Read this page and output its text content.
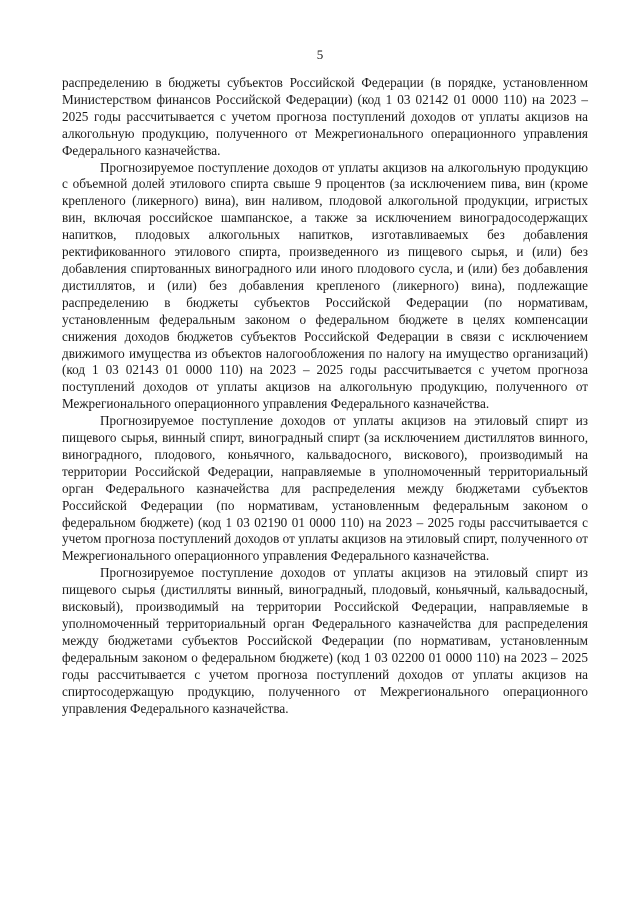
5

распределению в бюджеты субъектов Российской Федерации (в порядке, установленном Министерством финансов Российской Федерации) (код 1 03 02142 01 0000 110) на 2023 – 2025 годы рассчитывается с учетом прогноза поступлений доходов от уплаты акцизов на алкогольную продукцию, полученного от Межрегионального операционного управления Федерального казначейства.

Прогнозируемое поступление доходов от уплаты акцизов на алкогольную продукцию с объемной долей этилового спирта свыше 9 процентов (за исключением пива, вин (кроме крепленого (ликерного) вина), вин наливом, плодовой алкогольной продукции, игристых вин, включая российское шампанское, а также за исключением виноградосодержащих напитков, плодовых алкогольных напитков, изготавливаемых без добавления ректификованного этилового спирта, произведенного из пищевого сырья, и (или) без добавления спиртованных виноградного или иного плодового сусла, и (или) без добавления дистиллятов, и (или) без добавления крепленого (ликерного) вина), подлежащие распределению в бюджеты субъектов Российской Федерации (по нормативам, установленным федеральным законом о федеральном бюджете в целях компенсации снижения доходов бюджетов субъектов Российской Федерации в связи с исключением движимого имущества из объектов налогообложения по налогу на имущество организаций) (код 1 03 02143 01 0000 110) на 2023 – 2025 годы рассчитывается с учетом прогноза поступлений доходов от уплаты акцизов на алкогольную продукцию, полученного от Межрегионального операционного управления Федерального казначейства.

Прогнозируемое поступление доходов от уплаты акцизов на этиловый спирт из пищевого сырья, винный спирт, виноградный спирт (за исключением дистиллятов винного, виноградного, плодового, коньячного, кальвадосного, вискового), производимый на территории Российской Федерации, направляемые в уполномоченный территориальный орган Федерального казначейства для распределения между бюджетами субъектов Российской Федерации (по нормативам, установленным федеральным законом о федеральном бюджете) (код 1 03 02190 01 0000 110) на 2023 – 2025 годы рассчитывается с учетом прогноза поступлений доходов от уплаты акцизов на этиловый спирт, полученного от Межрегионального операционного управления Федерального казначейства.

Прогнозируемое поступление доходов от уплаты акцизов на этиловый спирт из пищевого сырья (дистилляты винный, виноградный, плодовый, коньячный, кальвадосный, висковый), производимый на территории Российской Федерации, направляемые в уполномоченный территориальный орган Федерального казначейства для распределения между бюджетами субъектов Российской Федерации (по нормативам, установленным федеральным законом о федеральном бюджете) (код 1 03 02200 01 0000 110) на 2023 – 2025 годы рассчитывается с учетом прогноза поступлений доходов от уплаты акцизов на спиртосодержащую продукцию, полученного от Межрегионального операционного управления Федерального казначейства.
